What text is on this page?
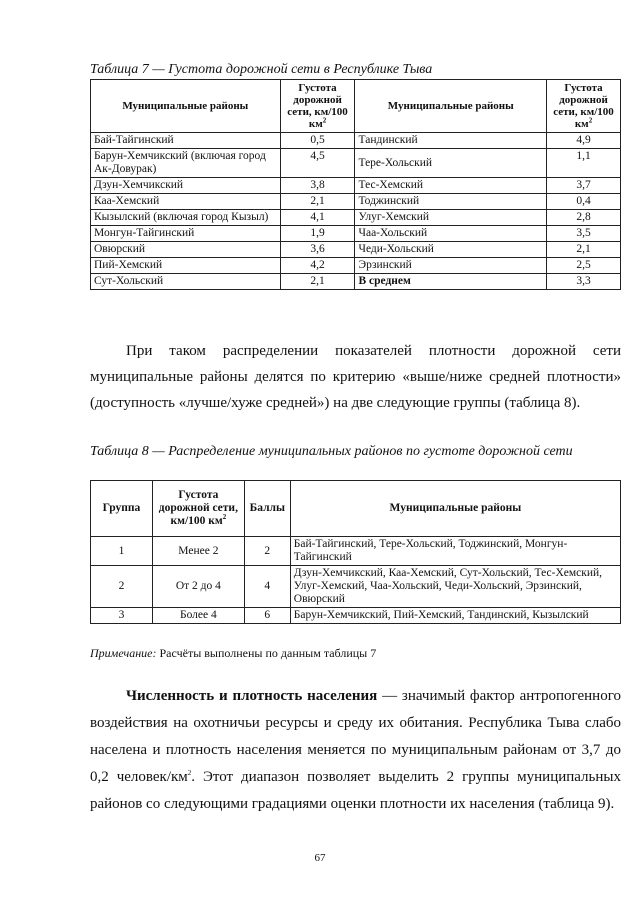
Таблица 7 — Густота дорожной сети в Республике Тыва
Муниципальные районы	Густота дорожной сети, км/100 $км^2$	Муниципальные районы	Густота дорожной сети, км/100 $км^2$
Бай-Тайгинский	0,5	Тандинский	4,9
Барун-Хемчикский (включая город Ак-Довурак)	4,5	Тере-Хольский	1,1
Дзун-Хемчикский	3,8	Тес-Хемский	3,7
Каа-Хемский	2,1	Тоджинский	0,4
Кызылский (включая город Кызыл)	4,1	Улуг-Хемский	2,8
Монгун-Тайгинский	1,9	Чаа-Хольский	3,5
Овюрский	3,6	Чеди-Хольский	2,1
Пий-Хемский	4,2	Эрзинский	2,5
Сут-Хольский	2,1	В среднем	3,3
При таком распределении показателей плотности дорожной сети муниципальные районы делятся по критерию «выше/ниже средней плотности» (доступность «лучше/хуже средней») на две следующие группы (таблица 8).
Таблица 8 — Распределение муниципальных районов по густоте дорожной сети
Группа	Густота дорожной сети, км/100 $км^2$	Баллы	Муниципальные районы
1	Менее 2	2	Бай-Тайгинский, Тере-Хольский, Тоджинский, Монгун-Тайгинский
2	От 2 до 4	4	Дзун-Хемчикский, Каа-Хемский, Сут-Хольский, Тес-Хемский, Улуг-Хемский, Чаа-Хольский, Чеди-Хольский, Эрзинский, Овюрский
3	Более 4	6	Барун-Хемчикский, Пий-Хемский, Тандинский, Кызылский
Примечание: Расчёты выполнены по данным таблицы 7
Численность и плотность населения — значимый фактор антропогенного воздействия на охотничьи ресурсы и среду их обитания. Республика Тыва слабо населена и плотность населения меняется по муниципальным районам от 3,7 до 0,2 человек/$км^2$. Этот диапазон позволяет выделить 2 группы муниципальных районов со следующими градациями оценки плотности их населения (таблица 9).
67
